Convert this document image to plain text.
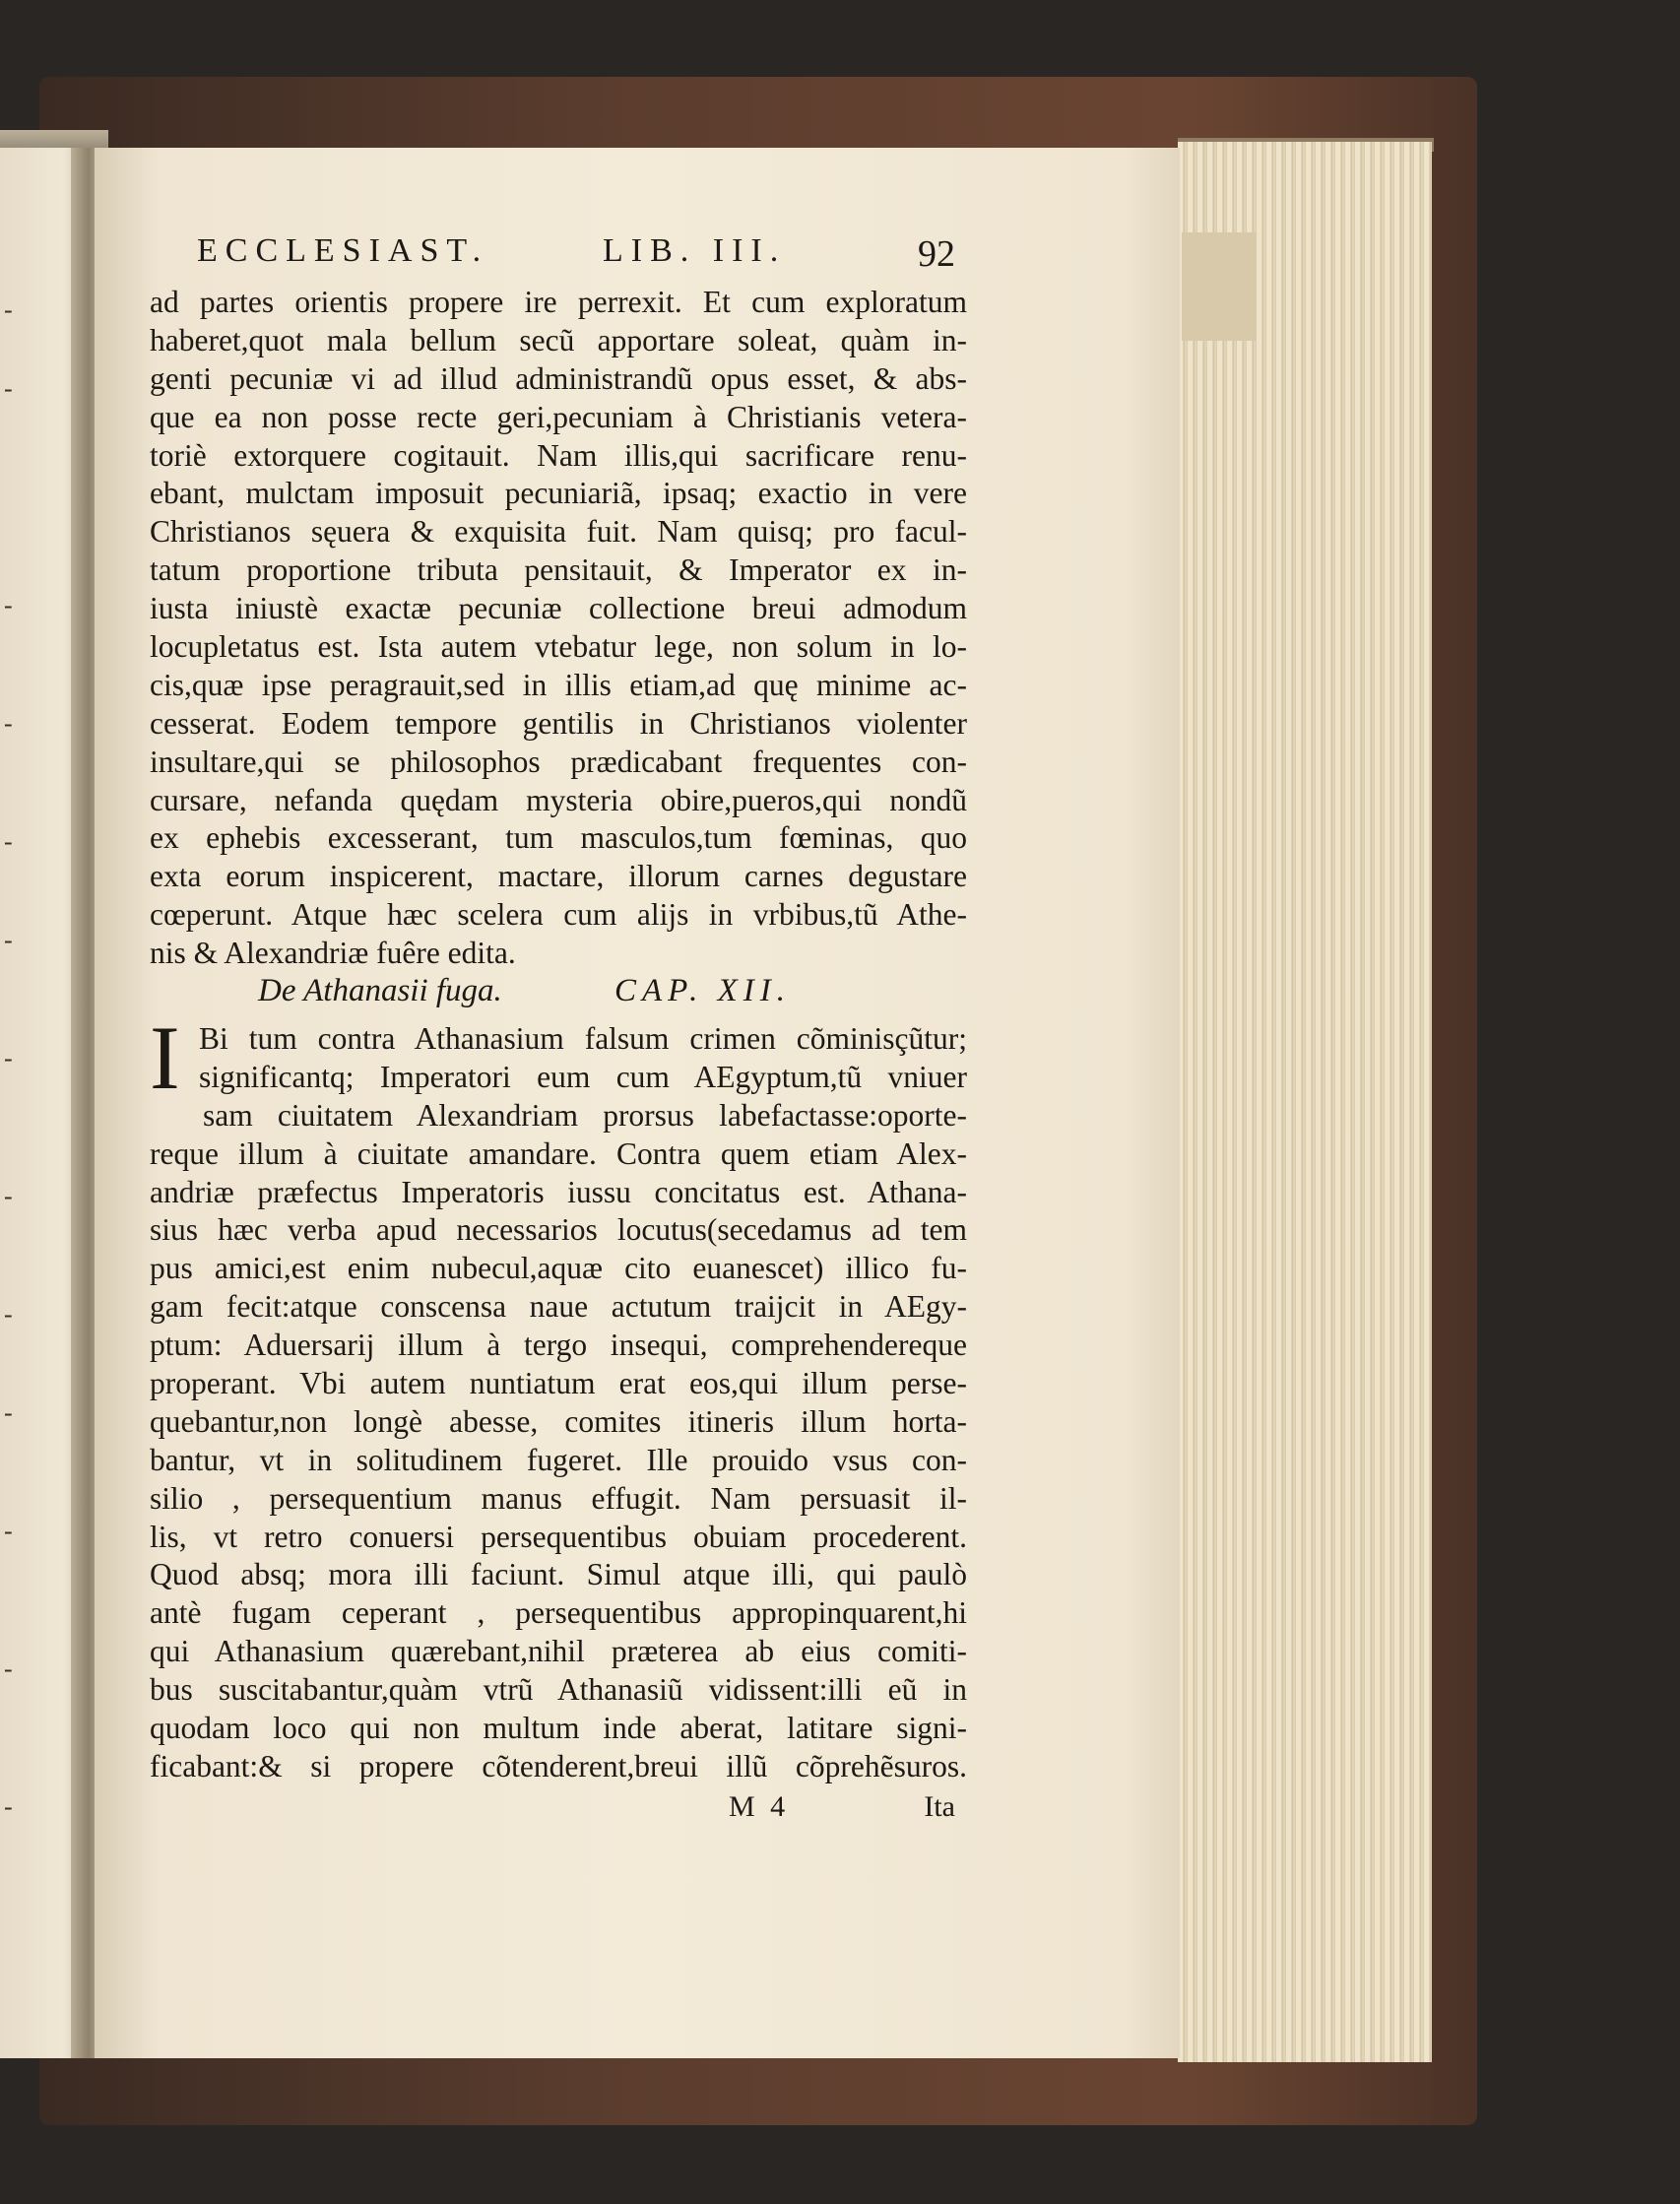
-
-
-
-
-
-
-
-
-
-
-
-
-
ECCLESIAST.	LIB. III.	92
ad partes orientis propere ire perrexit. Et cum exploratum
haberet,quot mala bellum secũ apportare soleat, quàm in-
genti pecuniæ vi ad illud administrandũ opus esset, & abs-
que ea non posse recte geri,pecuniam à Christianis vetera-
toriè extorquere cogitauit. Nam illis,qui sacrificare renu-
ebant, mulctam imposuit pecuniariã, ipsaq; exactio in vere
Christianos sęuera & exquisita fuit. Nam quisq; pro facul-
tatum proportione tributa pensitauit, & Imperator ex in-
iusta iniustè exactæ pecuniæ collectione breui admodum
locupletatus est. Ista autem vtebatur lege, non solum in lo-
cis,quæ ipse peragrauit,sed in illis etiam,ad quę minime ac-
cesserat. Eodem tempore gentilis in Christianos violenter
insultare,qui se philosophos prædicabant frequentes con-
cursare, nefanda quędam mysteria obire,pueros,qui nondũ
ex ephebis excesserant, tum masculos,tum fœminas, quo
exta eorum inspicerent, mactare, illorum carnes degustare
cœperunt. Atque hæc scelera cum alijs in vrbibus,tũ Athe-
nis & Alexandriæ fuêre edita.
De Athanasii fuga.	CAP. XII.
I Bi tum contra Athanasium falsum crimen cõminisçũtur;
significantq; Imperatori eum cum AEgyptum,tũ vniuer
sam ciuitatem Alexandriam prorsus labefactasse:oporte-
reque illum à ciuitate amandare. Contra quem etiam Alex-
andriæ præfectus Imperatoris iussu concitatus est. Athana-
sius hæc verba apud necessarios locutus(secedamus ad tem
pus amici,est enim nubecul,aquæ cito euanescet) illico fu-
gam fecit:atque conscensa naue actutum traijcit in AEgy-
ptum: Aduersarij illum à tergo insequi, comprehendereque
properant. Vbi autem nuntiatum erat eos,qui illum perse-
quebantur,non longè abesse, comites itineris illum horta-
bantur, vt in solitudinem fugeret. Ille prouido vsus con-
silio , persequentium manus effugit. Nam persuasit il-
lis, vt retro conuersi persequentibus obuiam procederent.
Quod absq; mora illi faciunt. Simul atque illi, qui paulò
antè fugam ceperant , persequentibus appropinquarent,hi
qui Athanasium quærebant,nihil prætereа ab eius comiti-
bus suscitabantur,quàm vtrũ Athanasiũ vidissent:illi eũ in
quodam loco qui non multum inde aberat, latitare signi-
ficabant:& si propere cõtenderent,breui illũ cõprehẽsuros.
M 4	Ita
